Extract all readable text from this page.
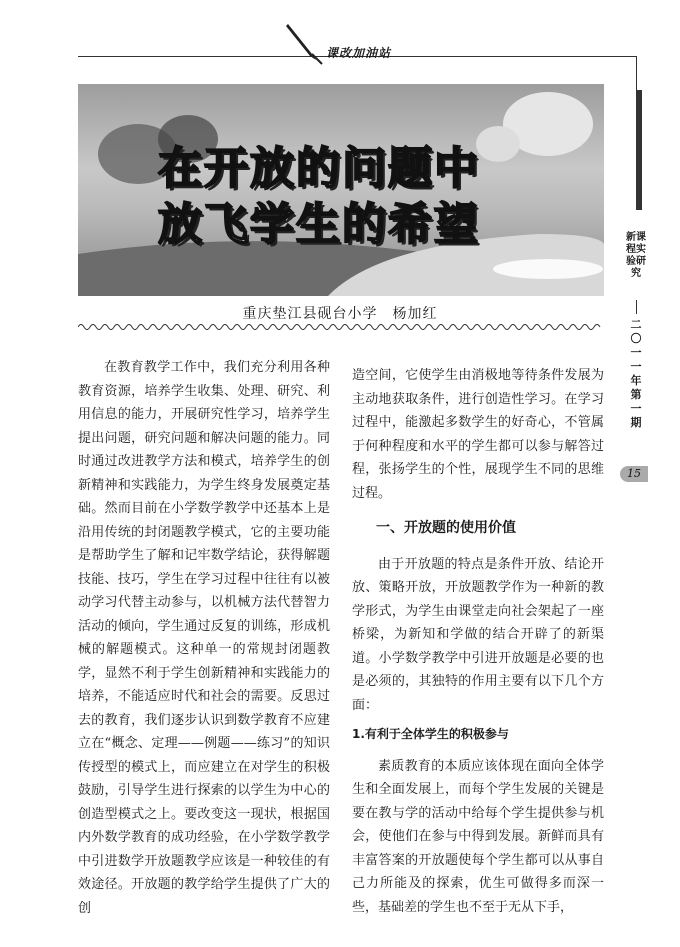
课改加油站
在开放的问题中
放飞学生的希望
重庆垫江县砚台小学　杨加红
新课程实验研究
二〇一一年第一期
15

在教育教学工作中，我们充分利用各种教育资源，培养学生收集、处理、研究、利用信息的能力，开展研究性学习，培养学生提出问题，研究问题和解决问题的能力。同时通过改进教学方法和模式，培养学生的创新精神和实践能力，为学生终身发展奠定基础。然而目前在小学数学教学中还基本上是沿用传统的封闭题教学模式，它的主要功能是帮助学生了解和记牢数学结论，获得解题技能、技巧，学生在学习过程中往往有以被动学习代替主动参与，以机械方法代替智力活动的倾向，学生通过反复的训练，形成机械的解题模式。这种单一的常规封闭题教学，显然不利于学生创新精神和实践能力的培养，不能适应时代和社会的需要。反思过去的教育，我们逐步认识到数学教育不应建立在“概念、定理——例题——练习”的知识传授型的模式上，而应建立在对学生的积极鼓励，引导学生进行探索的以学生为中心的创造型模式之上。要改变这一现状，根据国内外数学教育的成功经验，在小学数学教学中引进数学开放题教学应该是一种较佳的有效途径。开放题的教学给学生提供了广大的创

造空间，它使学生由消极地等待条件发展为主动地获取条件，进行创造性学习。在学习过程中，能激起多数学生的好奇心，不管属于何种程度和水平的学生都可以参与解答过程，张扬学生的个性，展现学生不同的思维过程。

一、开放题的使用价值

由于开放题的特点是条件开放、结论开放、策略开放，开放题教学作为一种新的教学形式，为学生由课堂走向社会架起了一座桥梁，为新知和学做的结合开辟了的新渠道。小学数学教学中引进开放题是必要的也是必须的，其独特的作用主要有以下几个方面：

1.有利于全体学生的积极参与

素质教育的本质应该体现在面向全体学生和全面发展上，而每个学生发展的关键是要在教与学的活动中给每个学生提供参与机会，使他们在参与中得到发展。新鲜而具有丰富答案的开放题使每个学生都可以从事自己力所能及的探索，优生可做得多而深一些，基础差的学生也不至于无从下手，
